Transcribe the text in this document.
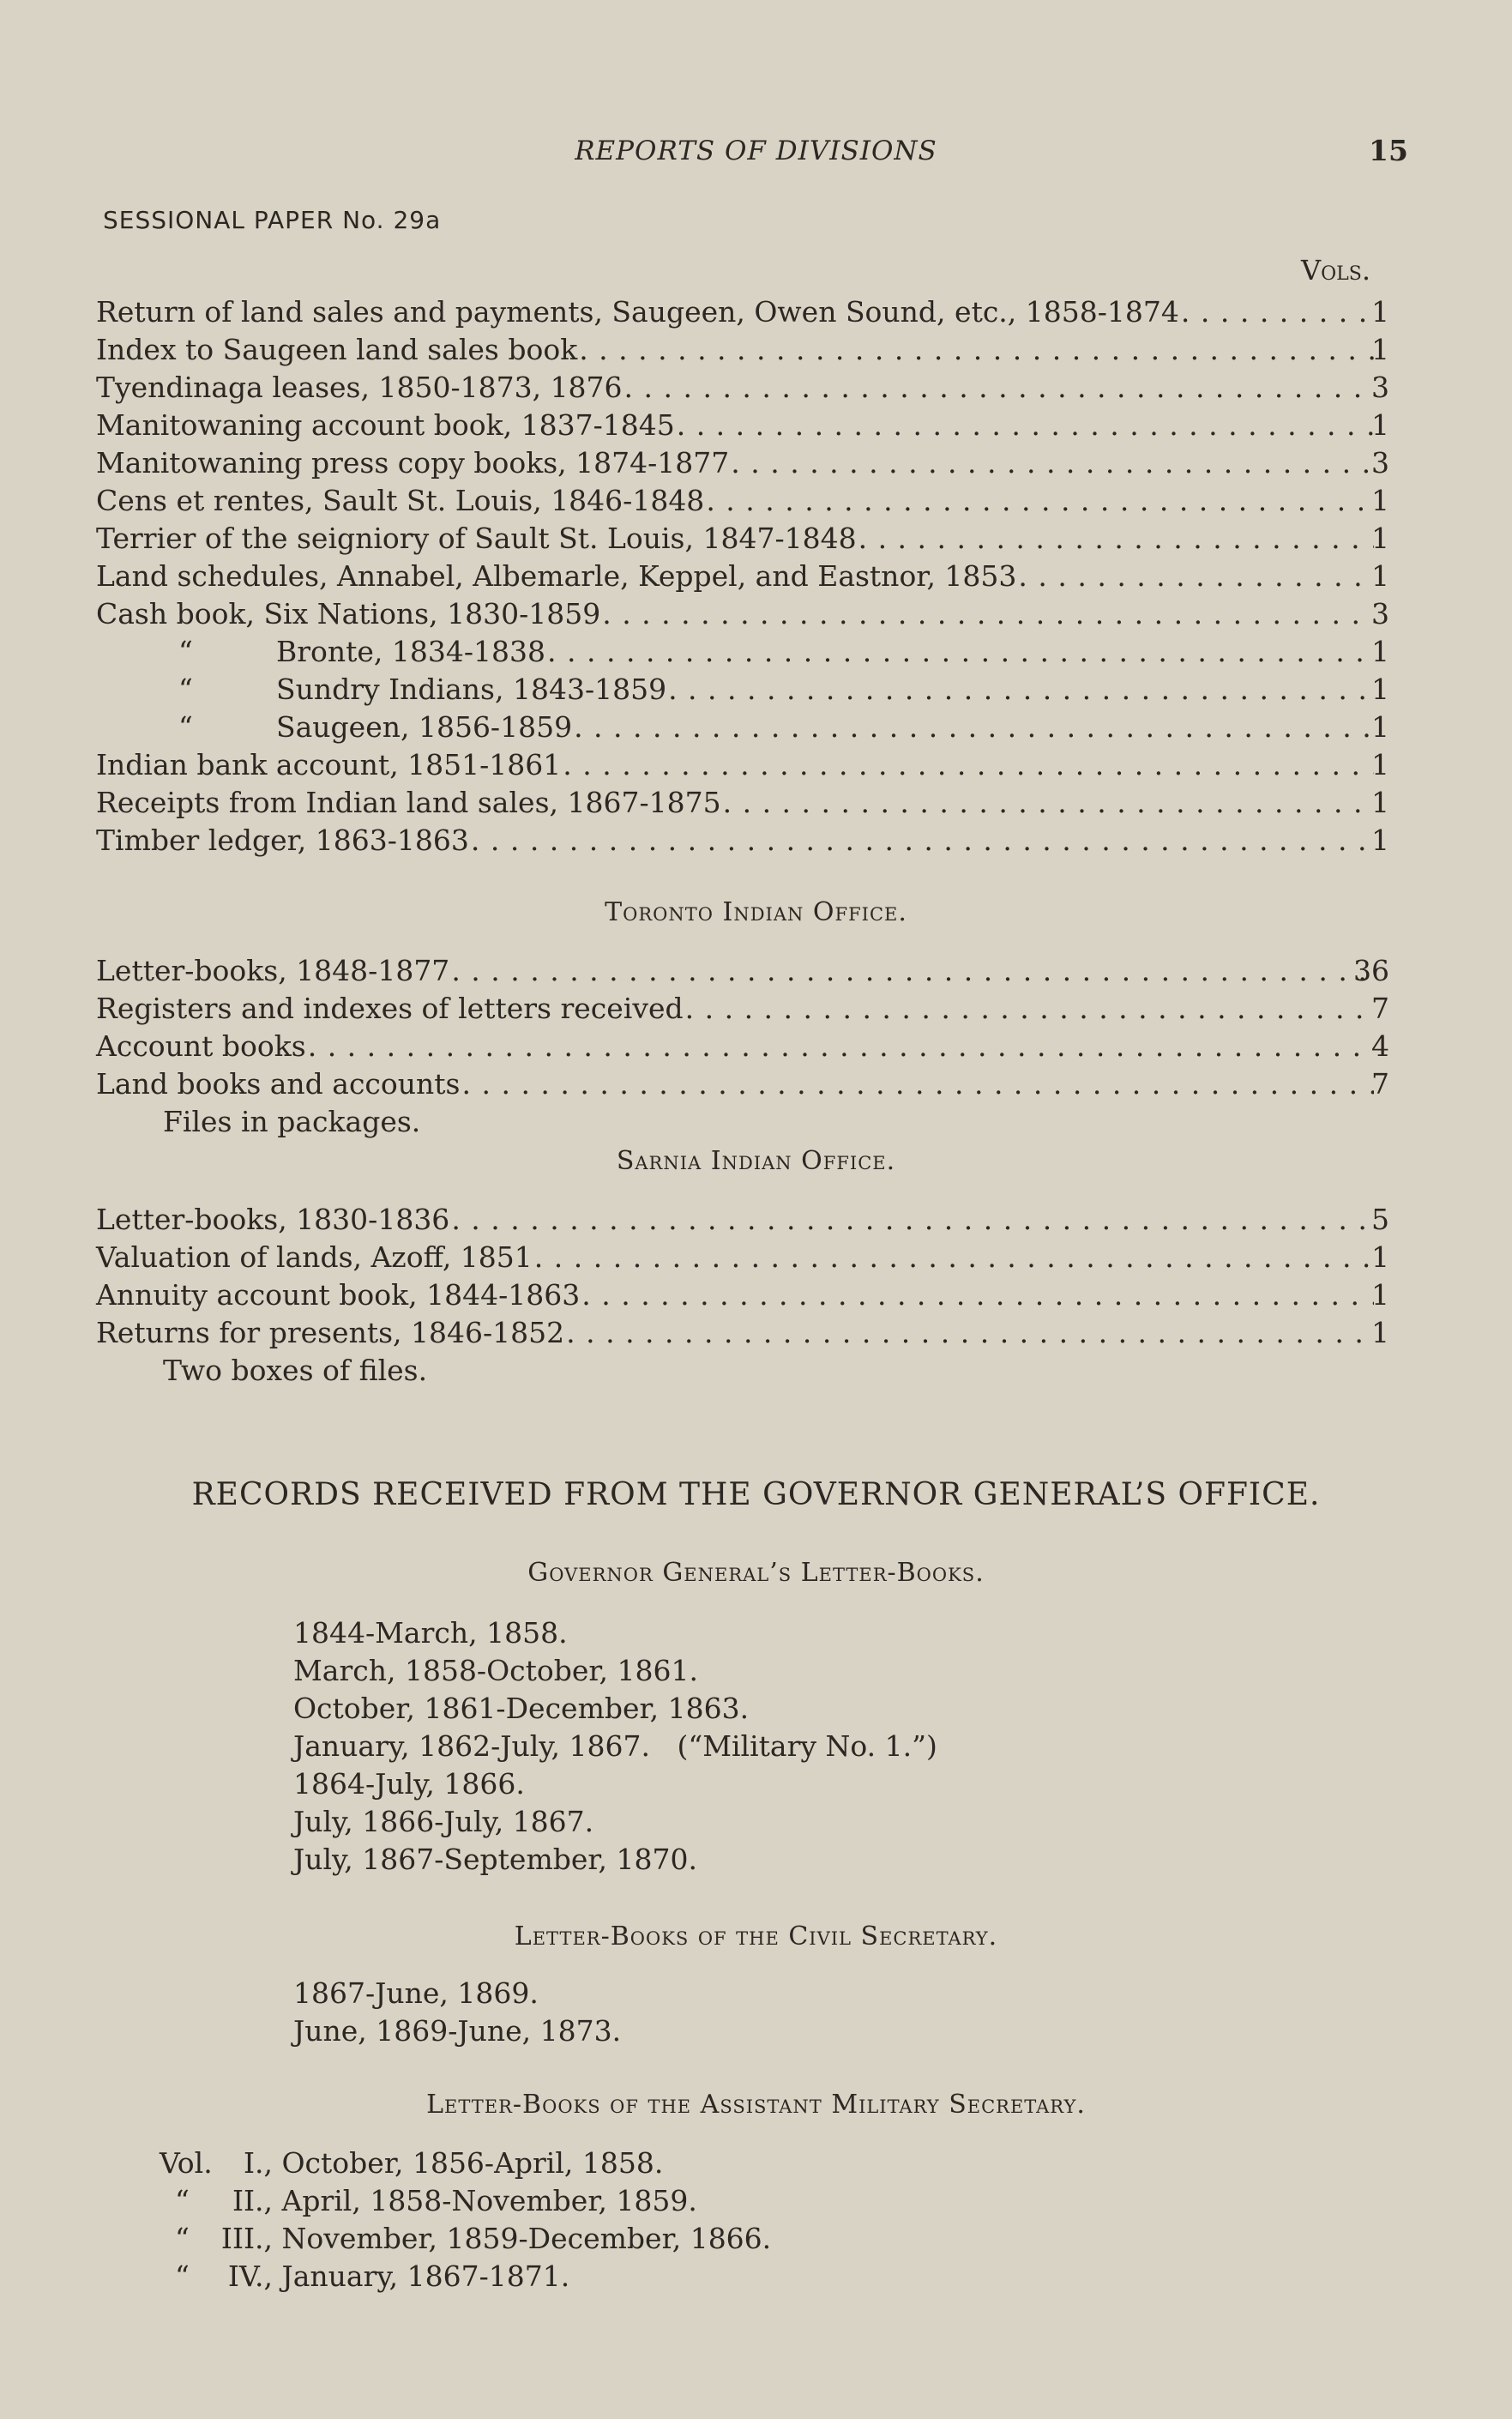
REPORTS OF DIVISIONS	15
SESSIONAL PAPER No. 29a
Vols.
Return of land sales and payments, Saugeen, Owen Sound, etc., 1858-1874 . . .	1
Index to Saugeen land sales book . . .	1
Tyendinaga leases, 1850-1873, 1876 . . .	3
Manitowaning account book, 1837-1845 . . .	1
Manitowaning press copy books, 1874-1877 . . .	3
Cens et rentes, Sault St. Louis, 1846-1848 . . .	1
Terrier of the seigniory of Sault St. Louis, 1847-1848 . . .	1
Land schedules, Annabel, Albemarle, Keppel, and Eastnor, 1853 . . .	1
Cash book, Six Nations, 1830-1859 . . .	3
“	Bronte, 1834-1838 . . .	1
“	Sundry Indians, 1843-1859 . . .	1
“	Saugeen, 1856-1859 . . .	1
Indian bank account, 1851-1861 . . .	1
Receipts from Indian land sales, 1867-1875 . . .	1
Timber ledger, 1863-1863 . . .	1
Toronto Indian Office.
Letter-books, 1848-1877 . . .	36
Registers and indexes of letters received . . .	7
Account books . . .	4
Land books and accounts . . .	7
Files in packages.
Sarnia Indian Office.
Letter-books, 1830-1836 . . .	5
Valuation of lands, Azoff, 1851 . . .	1
Annuity account book, 1844-1863 . . .	1
Returns for presents, 1846-1852 . . .	1
Two boxes of files.
RECORDS RECEIVED FROM THE GOVERNOR GENERAL’S OFFICE.
Governor General’s Letter-Books.
1844-March, 1858.
March, 1858-October, 1861.
October, 1861-December, 1863.
January, 1862-July, 1867.   (“Military No. 1.”)
1864-July, 1866.
July, 1866-July, 1867.
July, 1867-September, 1870.
Letter-Books of the Civil Secretary.
1867-June, 1869.
June, 1869-June, 1873.
Letter-Books of the Assistant Military Secretary.
Vol. I., October, 1856-April, 1858.
“ II., April, 1858-November, 1859.
“ III., November, 1859-December, 1866.
“ IV., January, 1867-1871.
